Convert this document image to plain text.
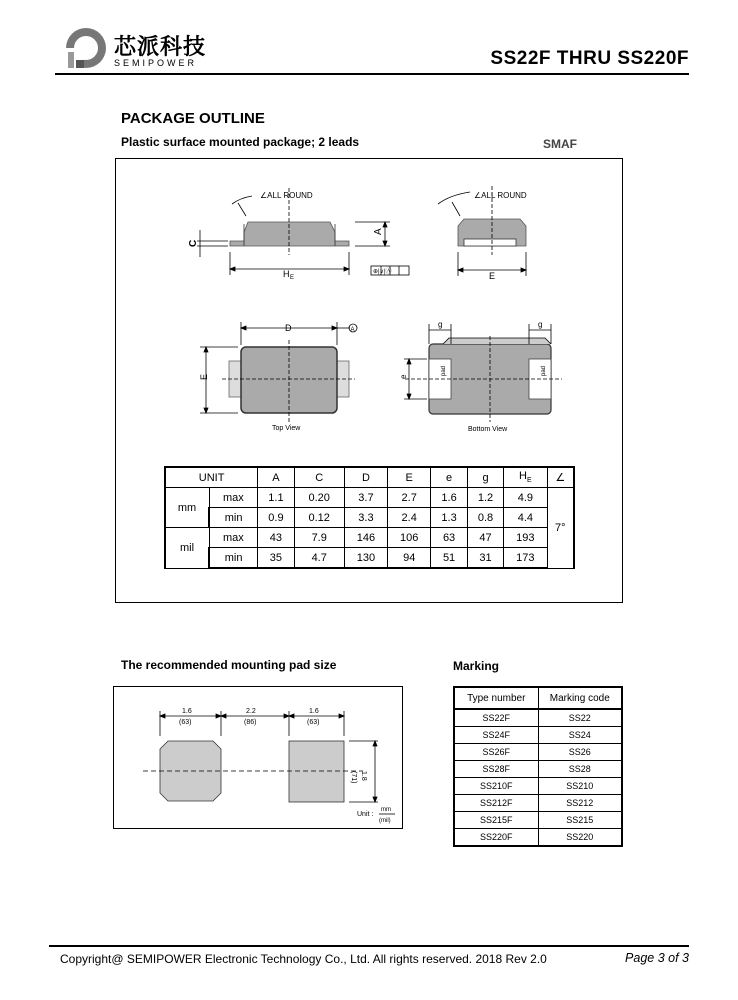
芯派科技
SEMIPOWER	SS22F THRU SS220F
PACKAGE OUTLINE
Plastic surface mounted package; 2 leads	SMAF
∠ALL ROUND
C
A
H E
⊕|∨|Ⓐ
∠ALL ROUND
E
D	A
E
Top View
g	g
e
pad	pad
Bottom View
UNIT		A	C	D	E	e	g	$H_E$	∠
mm	max	1.1	0.20	3.7	2.7	1.6	1.2	4.9	7°
	min	0.9	0.12	3.3	2.4	1.3	0.8	4.4	
mil	max	43	7.9	146	106	63	47	193	
	min	35	4.7	130	94	51	31	173	
The recommended mounting pad size
1.6
(63)
2.2
(86)
1.6
(63)
1.8
(71)
Unit :
mm
(mil)
Marking
Type number	Marking code
SS22F	SS22
SS24F	SS24
SS26F	SS26
SS28F	SS28
SS210F	SS210
SS212F	SS212
SS215F	SS215
SS220F	SS220
Copyright@ SEMIPOWER Electronic Technology Co., Ltd. All rights reserved. 2018 Rev 2.0	Page 3 of 3
